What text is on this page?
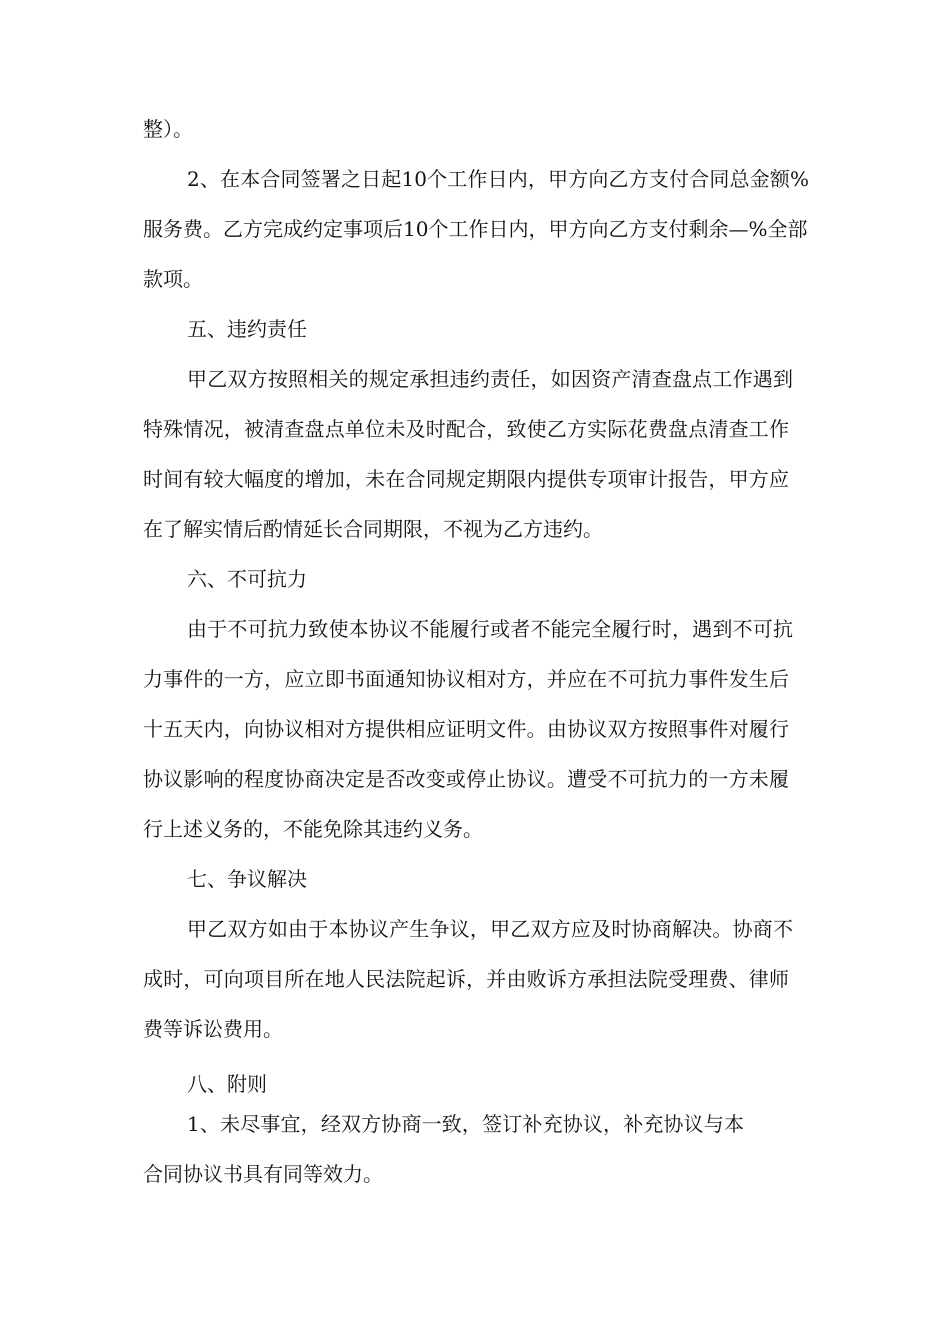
整）。
2、在本合同签署之日起10个工作日内，甲方向乙方支付合同总金额%
服务费。乙方完成约定事项后10个工作日内，甲方向乙方支付剩余—%全部
款项。
五、违约责任
甲乙双方按照相关的规定承担违约责任，如因资产清查盘点工作遇到
特殊情况，被清查盘点单位未及时配合，致使乙方实际花费盘点清查工作
时间有较大幅度的增加，未在合同规定期限内提供专项审计报告，甲方应
在了解实情后酌情延长合同期限，不视为乙方违约。
六、不可抗力
由于不可抗力致使本协议不能履行或者不能完全履行时，遇到不可抗
力事件的一方，应立即书面通知协议相对方，并应在不可抗力事件发生后
十五天内，向协议相对方提供相应证明文件。由协议双方按照事件对履行
协议影响的程度协商决定是否改变或停止协议。遭受不可抗力的一方未履
行上述义务的，不能免除其违约义务。
七、争议解决
甲乙双方如由于本协议产生争议，甲乙双方应及时协商解决。协商不
成时，可向项目所在地人民法院起诉，并由败诉方承担法院受理费、律师
费等诉讼费用。
八、附则
1、未尽事宜，经双方协商一致，签订补充协议，补充协议与本
合同协议书具有同等效力。
